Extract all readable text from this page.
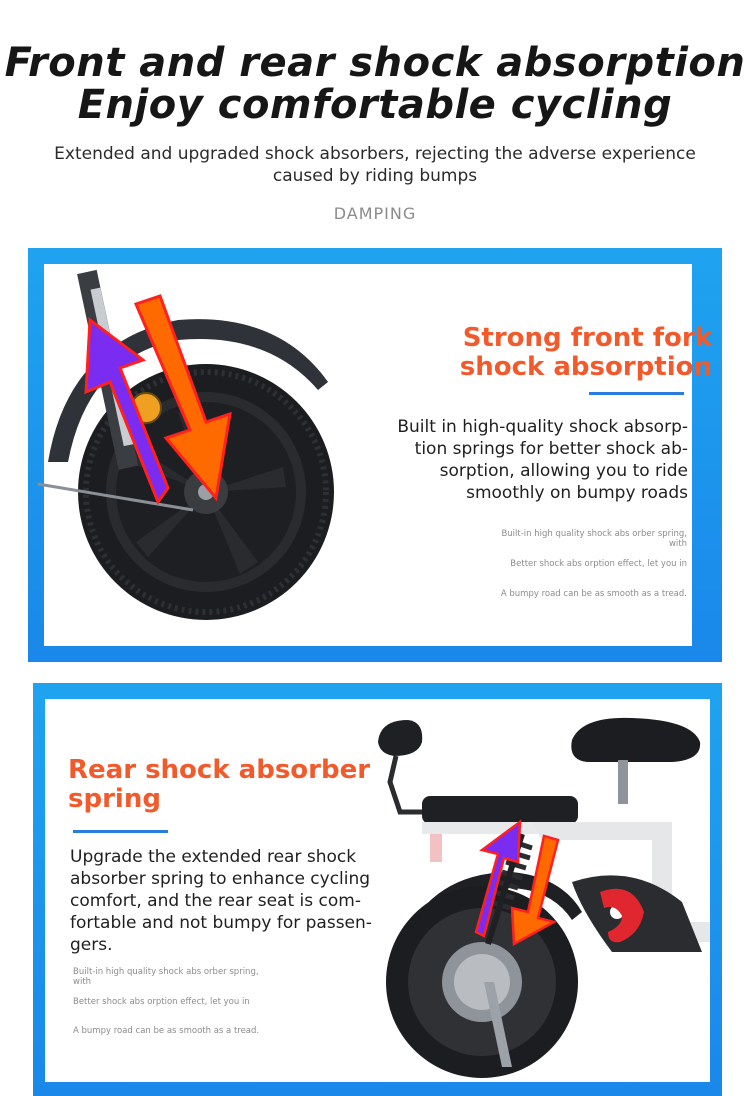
Front and rear shock absorption
Enjoy comfortable cycling
Extended and upgraded shock absorbers, rejecting the adverse experience caused by riding bumps
DAMPING
Strong front fork shock absorption
Built in high-quality shock absorp-tion springs for better shock ab-sorption, allowing you to ride smoothly on bumpy roads
Built-in high quality shock abs orber spring, with
Better shock abs orption effect, let you in
A bumpy road can be as smooth as a tread.
Rear shock absorber spring
Upgrade the extended rear shock absorber spring to enhance cycling comfort, and the rear seat is com-fortable and not bumpy for passen-gers.
Built-in high quality shock abs orber spring, with
Better shock abs orption effect, let you in
A bumpy road can be as smooth as a tread.
